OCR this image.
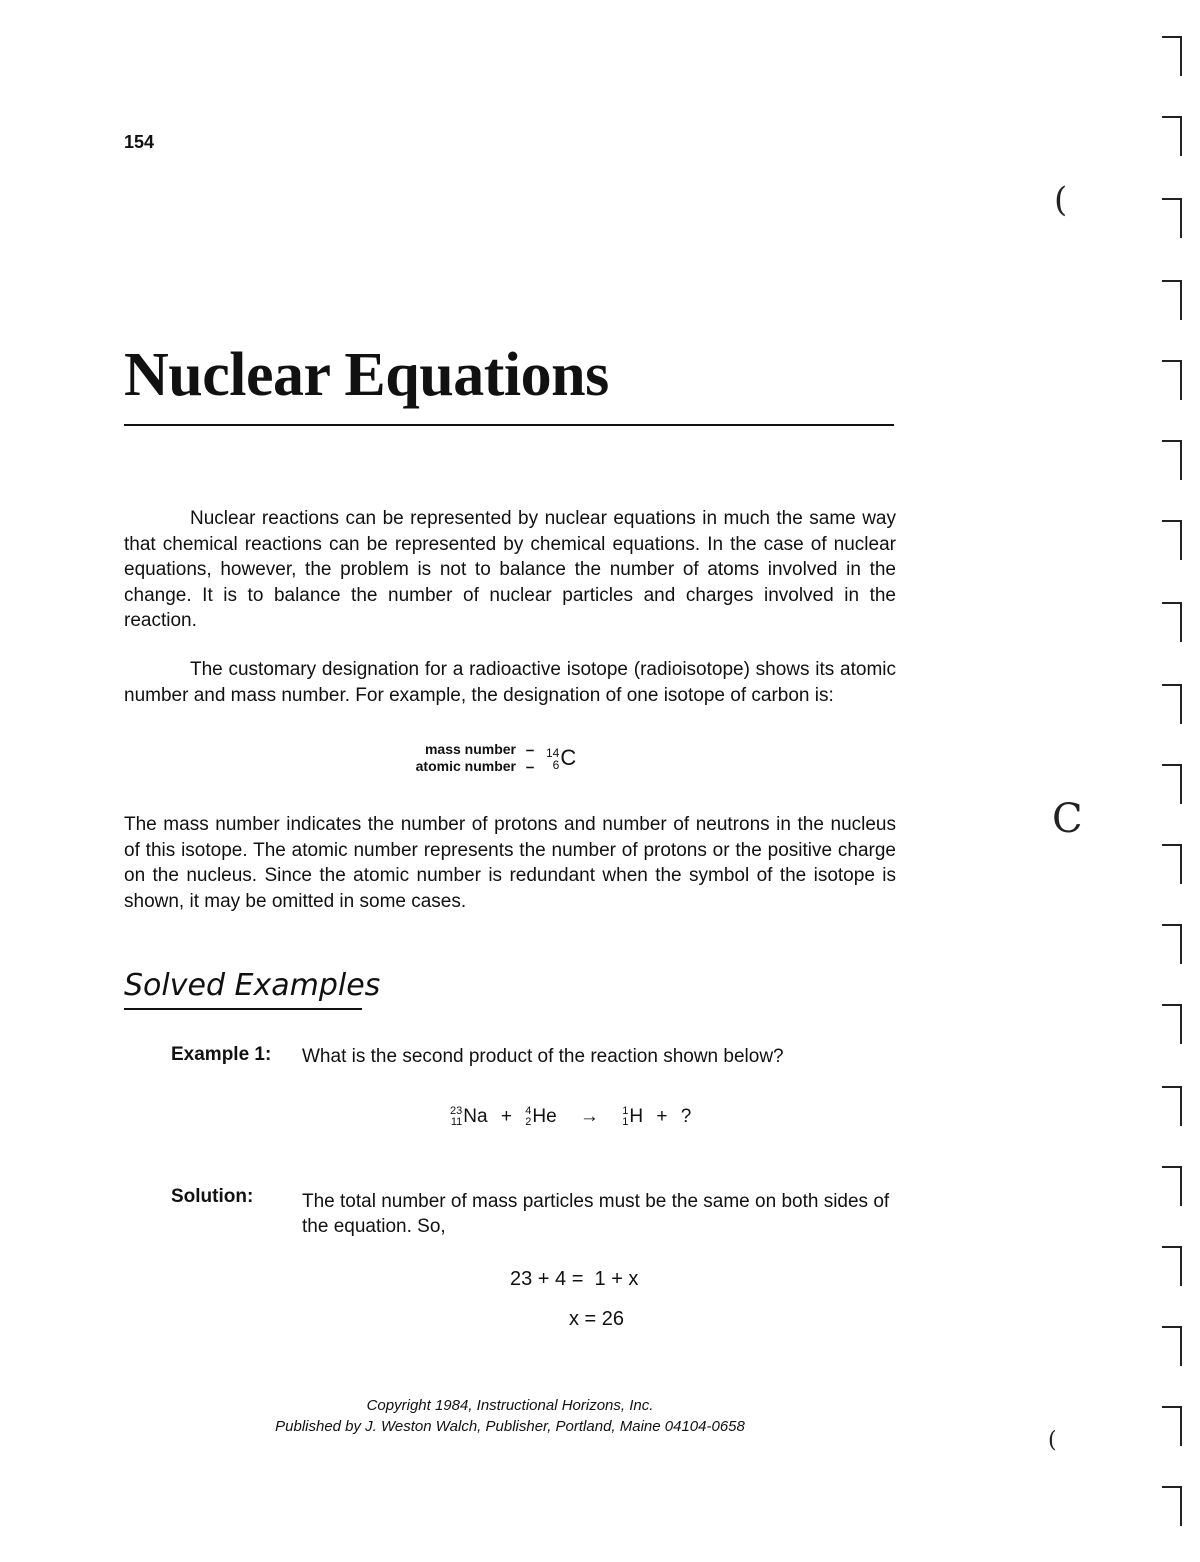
154
Nuclear Equations

Nuclear reactions can be represented by nuclear equations in much the same way that chemical reactions can be represented by chemical equations. In the case of nuclear equations, however, the problem is not to balance the number of atoms involved in the change. It is to balance the number of nuclear particles and charges involved in the reaction.

The customary designation for a radioactive isotope (radioisotope) shows its atomic number and mass number. For example, the designation of one isotope of carbon is:

mass number
atomic number
⎯
⎯
14
6 C

The mass number indicates the number of protons and number of neutrons in the nucleus of this isotope. The atomic number represents the number of protons or the positive charge on the nucleus. Since the atomic number is redundant when the symbol of the isotope is shown, it may be omitted in some cases.

Solved Examples
Example 1: What is the second product of the reaction shown below?
23
11 Na + 4
2 He → 1
1 H + ?
Solution:	The total number of mass particles must be the same on both sides of the equation. So,

23 + 4 =  1 + x
x = 26
Copyright 1984, Instructional Horizons, Inc.
Published by J. Weston Walch, Publisher, Portland, Maine 04104-0658
(
C
(
